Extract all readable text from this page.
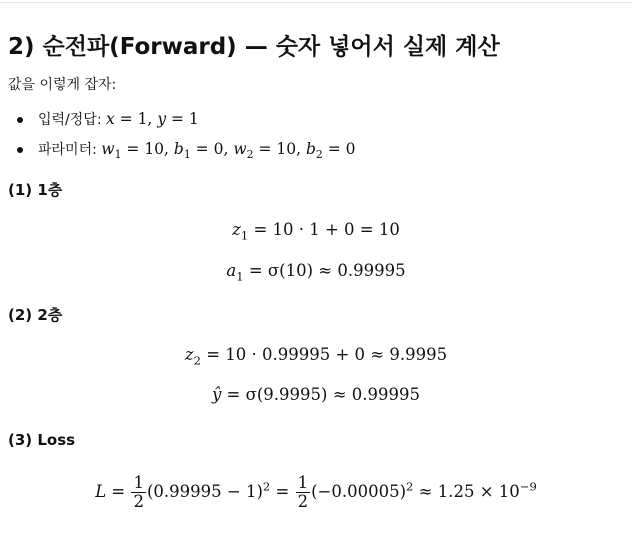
2) 순전파(Forward) — 숫자 넣어서 실제 계산

값을 이렇게 잡자:

입력/정답: x = 1, y = 1
파라미터: $w_1 = 10$, $b_1 = 0$, $w_2 = 10$, $b_2 = 0$
(1) 1층
$z_1 = 10 \cdot 1 + 0 = 10$
$a_1 = \sigma(10) \approx 0.99995$
(2) 2층
$z_2 = 10 \cdot 0.99995 + 0 \approx 9.9995$
ŷ = σ(9.9995) ≈ 0.99995
(3) Loss
$L = \frac{1}{2} (0.99995 - 1)^2 = \frac{1}{2} (-0.00005)^2 \approx 1.25 \times 10^{-9}$
